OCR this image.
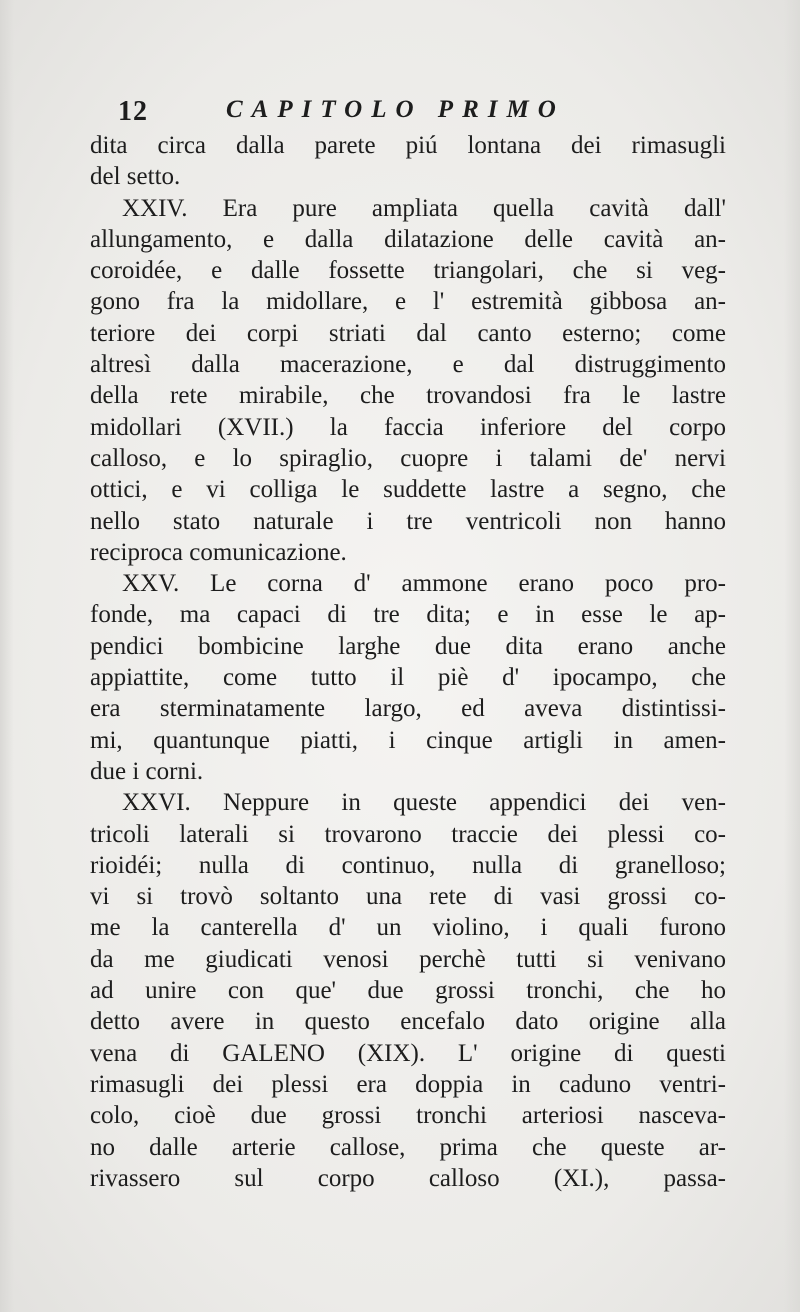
12	CAPITOLO PRIMO
dita circa dalla parete piú lontana dei rimasugli
del setto.
XXIV. Era pure ampliata quella cavità dall'
allungamento, e dalla dilatazione delle cavità an-
coroidée, e dalle fossette triangolari, che si veg-
gono fra la midollare, e l' estremità gibbosa an-
teriore dei corpi striati dal canto esterno; come
altresì dalla macerazione, e dal distruggimento
della rete mirabile, che trovandosi fra le lastre
midollari (XVII.) la faccia inferiore del corpo
calloso, e lo spiraglio, cuopre i talami de' nervi
ottici, e vi colliga le suddette lastre a segno, che
nello stato naturale i tre ventricoli non hanno
reciproca comunicazione.
XXV. Le corna d' ammone erano poco pro-
fonde, ma capaci di tre dita; e in esse le ap-
pendici bombicine larghe due dita erano anche
appiattite, come tutto il piè d' ipocampo, che
era sterminatamente largo, ed aveva distintissi-
mi, quantunque piatti, i cinque artigli in amen-
due i corni.
XXVI. Neppure in queste appendici dei ven-
tricoli laterali si trovarono traccie dei plessi co-
rioidéi; nulla di continuo, nulla di granelloso;
vi si trovò soltanto una rete di vasi grossi co-
me la canterella d' un violino, i quali furono
da me giudicati venosi perchè tutti si venivano
ad unire con que' due grossi tronchi, che ho
detto avere in questo encefalo dato origine alla
vena di GALENO (XIX). L' origine di questi
rimasugli dei plessi era doppia in caduno ventri-
colo, cioè due grossi tronchi arteriosi nasceva-
no dalle arterie callose, prima che queste ar-
rivassero sul corpo calloso (XI.), passa-
